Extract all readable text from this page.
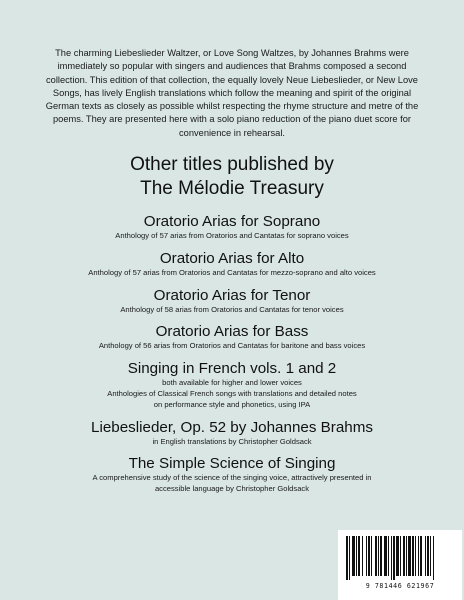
The charming Liebeslieder Waltzer, or Love Song Waltzes, by Johannes Brahms were immediately so popular with singers and audiences that Brahms composed a second collection. This edition of that collection, the equally lovely Neue Liebeslieder, or New Love Songs, has lively English translations which follow the meaning and spirit of the original German texts as closely as possible whilst respecting the rhyme structure and metre of the poems. They are presented here with a solo piano reduction of the piano duet score for convenience in rehearsal.

Other titles published by
The Mélodie Treasury
Oratorio Arias for Soprano
Anthology of 57 arias from Oratorios and Cantatas for soprano voices
Oratorio Arias for Alto
Anthology of 57 arias from Oratorios and Cantatas for mezzo-soprano and alto voices
Oratorio Arias for Tenor
Anthology of 58 arias from Oratorios and Cantatas for tenor voices
Oratorio Arias for Bass
Anthology of 56 arias from Oratorios and Cantatas for baritone and bass voices
Singing in French vols. 1 and 2
both available for higher and lower voices
Anthologies of Classical French songs with translations and detailed notes
on performance style and phonetics, using IPA
Liebeslieder, Op. 52 by Johannes Brahms
in English translations by Christopher Goldsack
The Simple Science of Singing
A comprehensive study of the science of the singing voice, attractively presented in
accessible language by Christopher Goldsack
9 781446 621967
